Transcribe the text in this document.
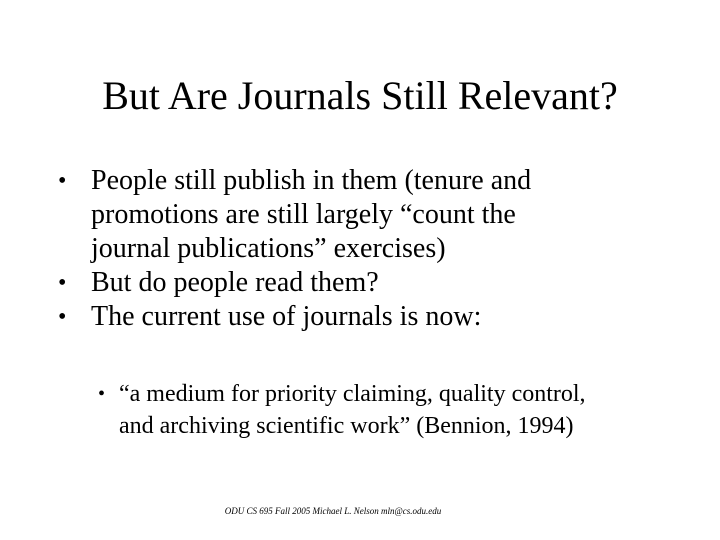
But Are Journals Still Relevant?
• People still publish in them (tenure and
promotions are still largely “count the
journal publications” exercises)
• But do people read them?
• The current use of journals is now:
• “a medium for priority claiming, quality control,
and archiving scientific work” (Bennion, 1994)
ODU CS 695 Fall 2005 Michael L. Nelson mln@cs.odu.edu
